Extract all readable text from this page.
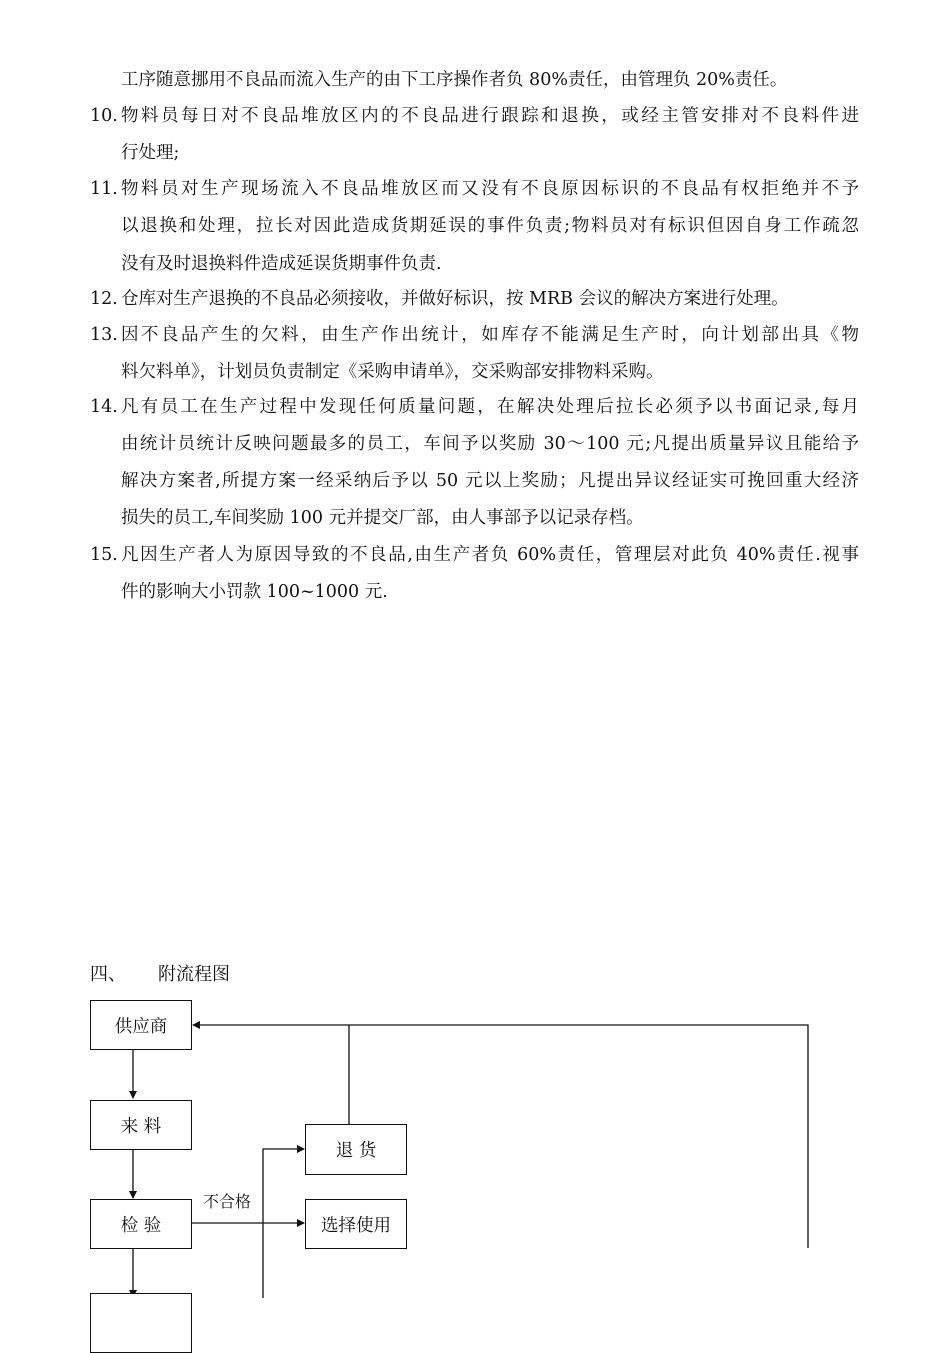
工序随意挪用不良品而流入生产的由下工序操作者负 80%责任，由管理负 20%责任。
10. 物料员每日对不良品堆放区内的不良品进行跟踪和退换，或经主管安排对不良料件进
行处理;
11. 物料员对生产现场流入不良品堆放区而又没有不良原因标识的不良品有权拒绝并不予
以退换和处理，拉长对因此造成货期延误的事件负责;物料员对有标识但因自身工作疏忽
没有及时退换料件造成延误货期事件负责.
12. 仓库对生产退换的不良品必须接收，并做好标识，按 MRB 会议的解决方案进行处理。
13. 因不良品产生的欠料，由生产作出统计，如库存不能满足生产时，向计划部出具《物
料欠料单》，计划员负责制定《采购申请单》，交采购部安排物料采购。
14. 凡有员工在生产过程中发现任何质量问题，在解决处理后拉长必须予以书面记录,每月
由统计员统计反映问题最多的员工，车间予以奖励 30～100 元;凡提出质量异议且能给予
解决方案者,所提方案一经采纳后予以 50 元以上奖励；凡提出异议经证实可挽回重大经济
损失的员工,车间奖励 100 元并提交厂部，由人事部予以记录存档。
15. 凡因生产者人为原因导致的不良品,由生产者负 60%责任，管理层对此负 40%责任.视事
件的影响大小罚款 100~1000 元.
四、 附流程图
供应商
来 料
检 验
退 货
选择使用
不合格
